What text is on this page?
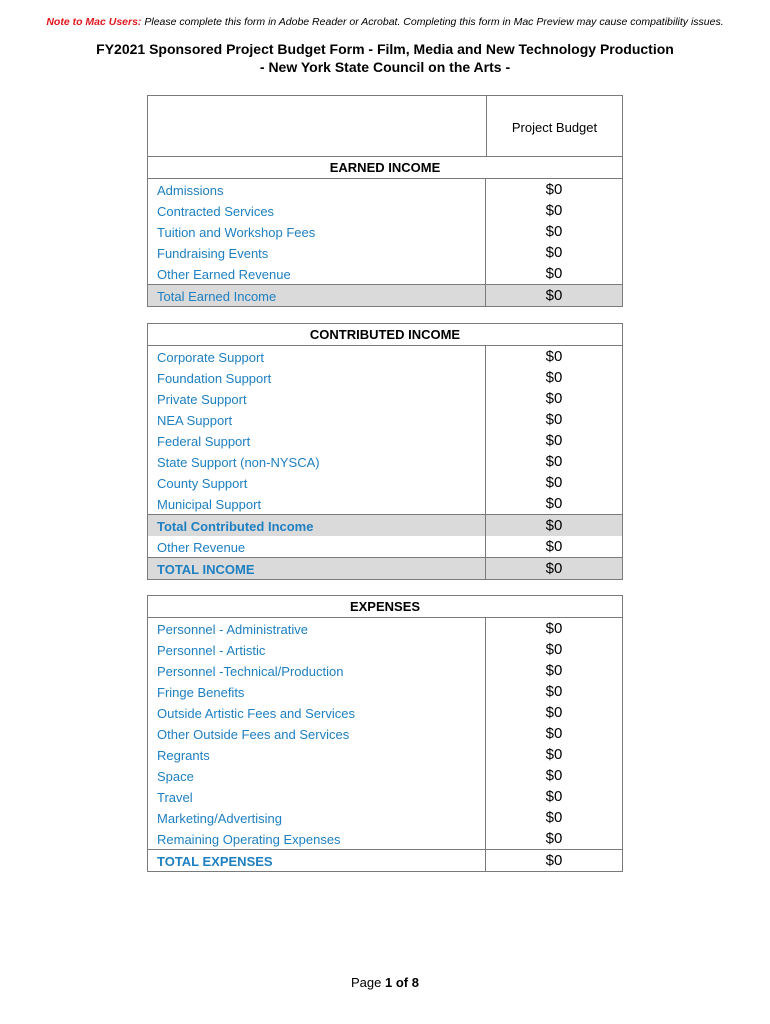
Note to Mac Users: Please complete this form in Adobe Reader or Acrobat. Completing this form in Mac Preview may cause compatibility issues.
FY2021 Sponsored Project Budget Form - Film, Media and New Technology Production
- New York State Council on the Arts -
Project Budget
EARNED INCOME
Admissions	$0
Contracted Services	$0
Tuition and Workshop Fees	$0
Fundraising Events	$0
Other Earned Revenue	$0
Total Earned Income	$0
CONTRIBUTED INCOME
Corporate Support	$0
Foundation Support	$0
Private Support	$0
NEA Support	$0
Federal Support	$0
State Support (non-NYSCA)	$0
County Support	$0
Municipal Support	$0
Total Contributed Income	$0
Other Revenue	$0
TOTAL INCOME	$0
EXPENSES
Personnel - Administrative	$0
Personnel - Artistic	$0
Personnel -Technical/Production	$0
Fringe Benefits	$0
Outside Artistic Fees and Services	$0
Other Outside Fees and Services	$0
Regrants	$0
Space	$0
Travel	$0
Marketing/Advertising	$0
Remaining Operating Expenses	$0
TOTAL EXPENSES	$0
Page 1 of 8
